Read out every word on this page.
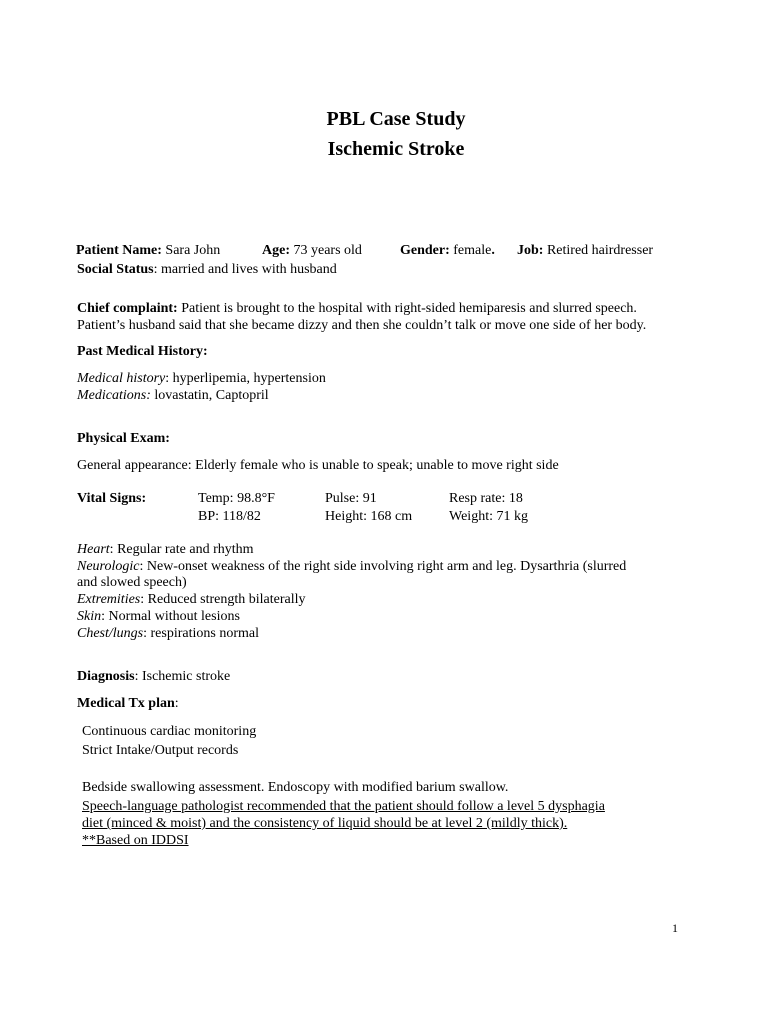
PBL Case Study
Ischemic Stroke
Patient Name: Sara John	Age: 73 years old	Gender: female. Job: Retired hairdresser
Social Status: married and lives with husband
Chief complaint: Patient is brought to the hospital with right-sided hemiparesis and slurred speech.
Patient’s husband said that she became dizzy and then she couldn’t talk or move one side of her body.
Past Medical History:
Medical history: hyperlipemia, hypertension
Medications: lovastatin, Captopril
Physical Exam:
General appearance: Elderly female who is unable to speak; unable to move right side
Vital Signs:	Temp: 98.8°F	Pulse: 91	Resp rate: 18
BP: 118/82	Height: 168 cm	Weight: 71 kg
Heart: Regular rate and rhythm
Neurologic: New-onset weakness of the right side involving right arm and leg. Dysarthria (slurred
and slowed speech)
Extremities: Reduced strength bilaterally
Skin: Normal without lesions
Chest/lungs: respirations normal
Diagnosis: Ischemic stroke
Medical Tx plan:
Continuous cardiac monitoring
Strict Intake/Output records
Bedside swallowing assessment. Endoscopy with modified barium swallow.
Speech-language pathologist recommended that the patient should follow a level 5 dysphagia
diet (minced & moist) and the consistency of liquid should be at level 2 (mildly thick).
**Based on IDDSI
1
